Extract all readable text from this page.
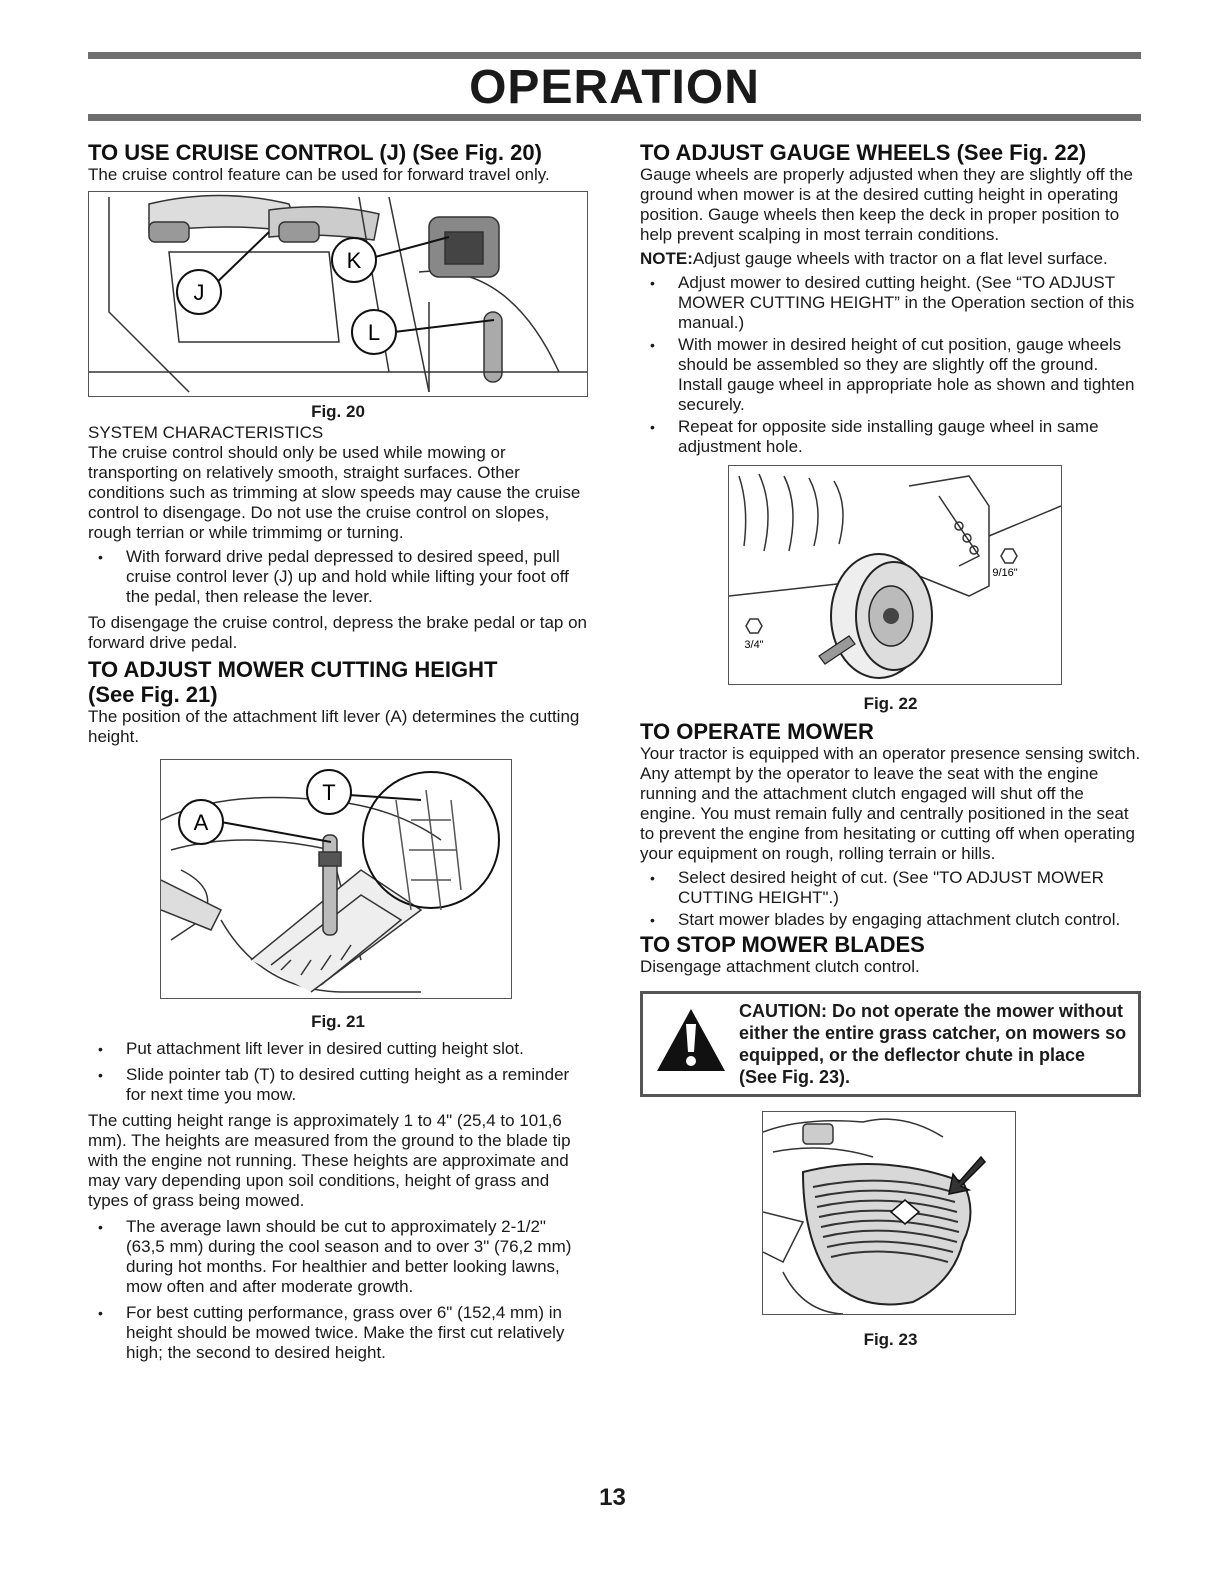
OPERATION
TO USE CRUISE CONTROL (J) (See Fig. 20)

The cruise control feature can be used for forward travel only.

J
K
L
Fig. 20
SYSTEM CHARACTERISTICS

The cruise control should only be used while mowing or transporting on relatively smooth, straight surfaces. Other conditions such as trimming at slow speeds may cause the cruise control to disengage. Do not use the cruise control on slopes, rough terrian or while trimmimg or turning.

• With forward drive pedal depressed to desired speed, pull cruise control lever (J) up and hold while lifting your foot off the pedal, then release the lever.

To disengage the cruise control, depress the brake pedal or tap on forward drive pedal.

TO ADJUST MOWER CUTTING HEIGHT
(See Fig. 21)

The position of the attachment lift lever (A) determines the cutting height.

A
T
Fig. 21
• Put attachment lift lever in desired cutting height slot.
• Slide pointer tab (T) to desired cutting height as a reminder for next time you mow.

The cutting height range is approximately 1 to 4" (25,4 to 101,6 mm). The heights are measured from the ground to the blade tip with the engine not running. These heights are approximate and may vary depending upon soil conditions, height of grass and types of grass being mowed.

• The average lawn should be cut to approximately 2-1/2" (63,5 mm) during the cool season and to over 3" (76,2 mm) during hot months. For healthier and better looking lawns, mow often and after moderate growth.
• For best cutting performance, grass over 6" (152,4 mm) in height should be mowed twice. Make the first cut relatively high; the second to desired height.
TO ADJUST GAUGE WHEELS (See Fig. 22)

Gauge wheels are properly adjusted when they are slightly off the ground when mower is at the desired cutting height in operating position. Gauge wheels then keep the deck in proper position to help prevent scalping in most terrain conditions.

NOTE:Adjust gauge wheels with tractor on a flat level surface.

• Adjust mower to desired cutting height. (See “TO ADJUST MOWER CUTTING HEIGHT” in the Operation section of this manual.)
• With mower in desired height of cut position, gauge wheels should be assembled so they are slightly off the ground. Install gauge wheel in appropriate hole as shown and tighten securely.
• Repeat for opposite side installing gauge wheel in same adjustment hole.
9/16"
3/4"
Fig. 22
TO OPERATE MOWER

Your tractor is equipped with an operator presence sensing switch. Any attempt by the operator to leave the seat with the engine running and the attachment clutch engaged will shut off the engine. You must remain fully and centrally positioned in the seat to prevent the engine from hesitating or cutting off when operating your equipment on rough, rolling terrain or hills.

• Select desired height of cut. (See "TO ADJUST MOWER CUTTING HEIGHT".)
• Start mower blades by engaging attachment clutch control.
TO STOP MOWER BLADES

Disengage attachment clutch control.

CAUTION: Do not operate the mower without either the entire grass catcher, on mowers so equipped, or the deflector chute in place (See Fig. 23).
Fig. 23
13
